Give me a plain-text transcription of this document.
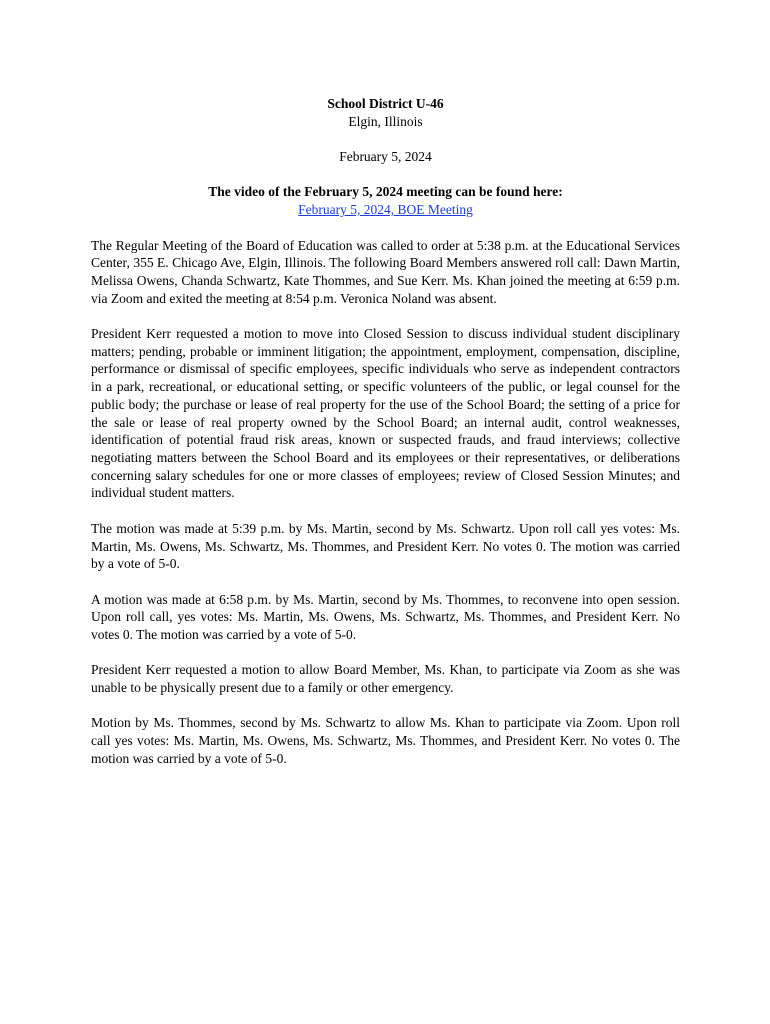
School District U-46
Elgin, Illinois
February 5, 2024
The video of the February 5, 2024 meeting can be found here:
February 5, 2024, BOE Meeting

The Regular Meeting of the Board of Education was called to order at 5:38 p.m. at the Educational Services Center, 355 E. Chicago Ave, Elgin, Illinois. The following Board Members answered roll call: Dawn Martin, Melissa Owens, Chanda Schwartz, Kate Thommes, and Sue Kerr. Ms. Khan joined the meeting at 6:59 p.m. via Zoom and exited the meeting at 8:54 p.m. Veronica Noland was absent.

President Kerr requested a motion to move into Closed Session to discuss individual student disciplinary matters; pending, probable or imminent litigation; the appointment, employment, compensation, discipline, performance or dismissal of specific employees, specific individuals who serve as independent contractors in a park, recreational, or educational setting, or specific volunteers of the public, or legal counsel for the public body; the purchase or lease of real property for the use of the School Board; the setting of a price for the sale or lease of real property owned by the School Board; an internal audit, control weaknesses, identification of potential fraud risk areas, known or suspected frauds, and fraud interviews; collective negotiating matters between the School Board and its employees or their representatives, or deliberations concerning salary schedules for one or more classes of employees; review of Closed Session Minutes; and individual student matters.

The motion was made at 5:39 p.m. by Ms. Martin, second by Ms. Schwartz. Upon roll call yes votes: Ms. Martin, Ms. Owens, Ms. Schwartz, Ms. Thommes, and President Kerr. No votes 0. The motion was carried by a vote of 5-0.

A motion was made at 6:58 p.m. by Ms. Martin, second by Ms. Thommes, to reconvene into open session. Upon roll call, yes votes: Ms. Martin, Ms. Owens, Ms. Schwartz, Ms. Thommes, and President Kerr. No votes 0. The motion was carried by a vote of 5-0.

President Kerr requested a motion to allow Board Member, Ms. Khan, to participate via Zoom as she was unable to be physically present due to a family or other emergency.

Motion by Ms. Thommes, second by Ms. Schwartz to allow Ms. Khan to participate via Zoom. Upon roll call yes votes: Ms. Martin, Ms. Owens, Ms. Schwartz, Ms. Thommes, and President Kerr. No votes 0. The motion was carried by a vote of 5-0.
